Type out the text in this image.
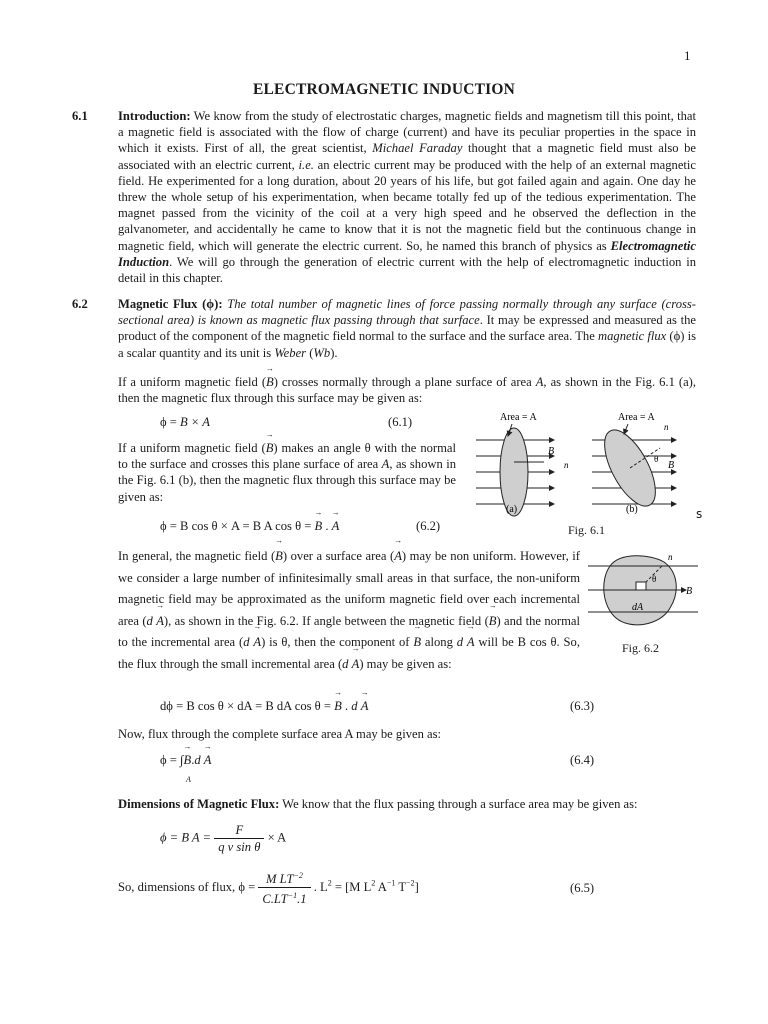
1
ELECTROMAGNETIC INDUCTION
6.1 Introduction: We know from the study of electrostatic charges, magnetic fields and magnetism till this point, that a magnetic field is associated with the flow of charge (current) and have its peculiar properties in the space in which it exists. First of all, the great scientist, Michael Faraday thought that a magnetic field must also be associated with an electric current, i.e. an electric current may be produced with the help of an external magnetic field. He experimented for a long duration, about 20 years of his life, but got failed again and again. One day he threw the whole setup of his experimentation, when became totally fed up of the tedious experimentation. The magnet passed from the vicinity of the coil at a very high speed and he observed the deflection in the galvanometer, and accidentally he came to know that it is not the magnetic field but the continuous change in magnetic field, which will generate the electric current. So, he named this branch of physics as Electromagnetic Induction. We will go through the generation of electric current with the help of electromagnetic induction in detail in this chapter.
6.2 Magnetic Flux (ϕ): The total number of magnetic lines of force passing normally through any surface (cross-sectional area) is known as magnetic flux passing through that surface. It may be expressed and measured as the product of the component of the magnetic field normal to the surface and the surface area. The magnetic flux (ϕ) is a scalar quantity and its unit is Weber (Wb).
If a uniform magnetic field (→ B) crosses normally through a plane surface of area A, as shown in the Fig. 6.1 (a), then the magnetic flux through this surface may be given as:
ϕ = B × A	(6.1)
If a uniform magnetic field (→ B) makes an angle θ with the normal to the surface and crosses this plane surface of area A, as shown in the Fig. 6.1 (b), then the magnetic flux through this surface may be given as:
ϕ = B cos θ × A = B A cos θ = → B . → A	(6.2)
Area = A	Area = A
B
n
n
θ
B
(a)	(b)
Fig. 6.1
s
In general, the magnetic field (→ B) over a surface area (→ A) may be non uniform. However, if we consider a large number of infinitesimally small areas in that surface, the non-uniform magnetic field may be approximated as the uniform magnetic field over each incremental area (d → A), as shown in the Fig. 6.2. If angle between the magnetic field (→ B) and the normal to the incremental area (d → A) is θ, then the component of → B along d → A will be B cos θ. So, the flux through the small incremental area (d → A) may be given as:
n
θ
B
dA
Fig. 6.2
dϕ = B cos θ × dA = B dA cos θ = → B . d → A	(6.3)
Now, flux through the complete surface area A may be given as:
ϕ = ∫→ B.d → A
A
(6.4)
Dimensions of Magnetic Flux: We know that the flux passing through a surface area may be given as:
ϕ = B $A = \frac{F}{\text{q v sin θ}} \times A$
So, dimensions of flux, $\phi = \frac{M LT^{-2}}{C.LT^{-1}.1}$ . $L^2 = [M$ $L^2$ $A^{-1}$ $T^{-2}$]	(6.5)
